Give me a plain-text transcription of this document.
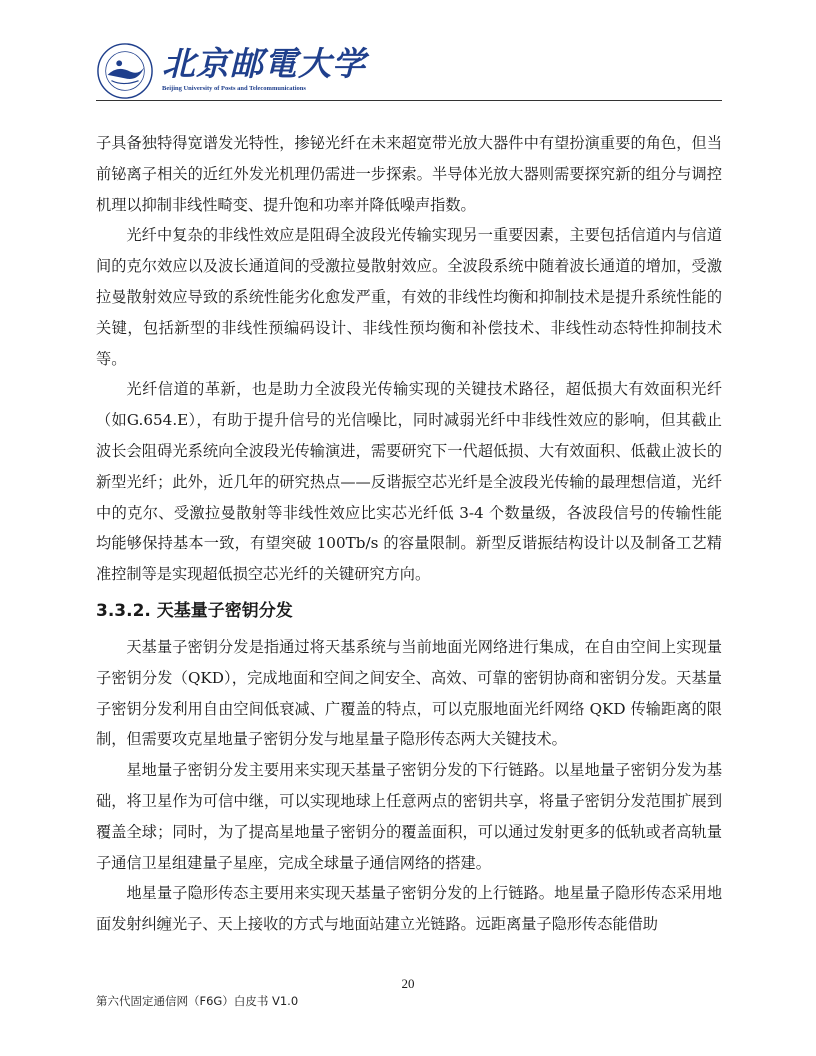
北京邮電大学
Beijing University of Posts and Telecommunications

子具备独特得宽谱发光特性，掺铋光纤在未来超宽带光放大器件中有望扮演重要的角色，但当前铋离子相关的近红外发光机理仍需进一步探索。半导体光放大器则需要探究新的组分与调控机理以抑制非线性畸变、提升饱和功率并降低噪声指数。

光纤中复杂的非线性效应是阻碍全波段光传输实现另一重要因素，主要包括信道内与信道间的克尔效应以及波长通道间的受激拉曼散射效应。全波段系统中随着波长通道的增加，受激拉曼散射效应导致的系统性能劣化愈发严重，有效的非线性均衡和抑制技术是提升系统性能的关键，包括新型的非线性预编码设计、非线性预均衡和补偿技术、非线性动态特性抑制技术等。

光纤信道的革新，也是助力全波段光传输实现的关键技术路径，超低损大有效面积光纤（如G.654.E），有助于提升信号的光信噪比，同时减弱光纤中非线性效应的影响，但其截止波长会阻碍光系统向全波段光传输演进，需要研究下一代超低损、大有效面积、低截止波长的新型光纤；此外，近几年的研究热点——反谐振空芯光纤是全波段光传输的最理想信道，光纤中的克尔、受激拉曼散射等非线性效应比实芯光纤低 3-4 个数量级，各波段信号的传输性能均能够保持基本一致，有望突破 100Tb/s 的容量限制。新型反谐振结构设计以及制备工艺精准控制等是实现超低损空芯光纤的关键研究方向。

3.3.2. 天基量子密钥分发

天基量子密钥分发是指通过将天基系统与当前地面光网络进行集成，在自由空间上实现量子密钥分发（QKD），完成地面和空间之间安全、高效、可靠的密钥协商和密钥分发。天基量子密钥分发利用自由空间低衰减、广覆盖的特点，可以克服地面光纤网络 QKD 传输距离的限制，但需要攻克星地量子密钥分发与地星量子隐形传态两大关键技术。

星地量子密钥分发主要用来实现天基量子密钥分发的下行链路。以星地量子密钥分发为基础，将卫星作为可信中继，可以实现地球上任意两点的密钥共享，将量子密钥分发范围扩展到覆盖全球；同时，为了提高星地量子密钥分的覆盖面积，可以通过发射更多的低轨或者高轨量子通信卫星组建量子星座，完成全球量子通信网络的搭建。

地星量子隐形传态主要用来实现天基量子密钥分发的上行链路。地星量子隐形传态采用地面发射纠缠光子、天上接收的方式与地面站建立光链路。远距离量子隐形传态能借助

20
第六代固定通信网（F6G）白皮书 V1.0
